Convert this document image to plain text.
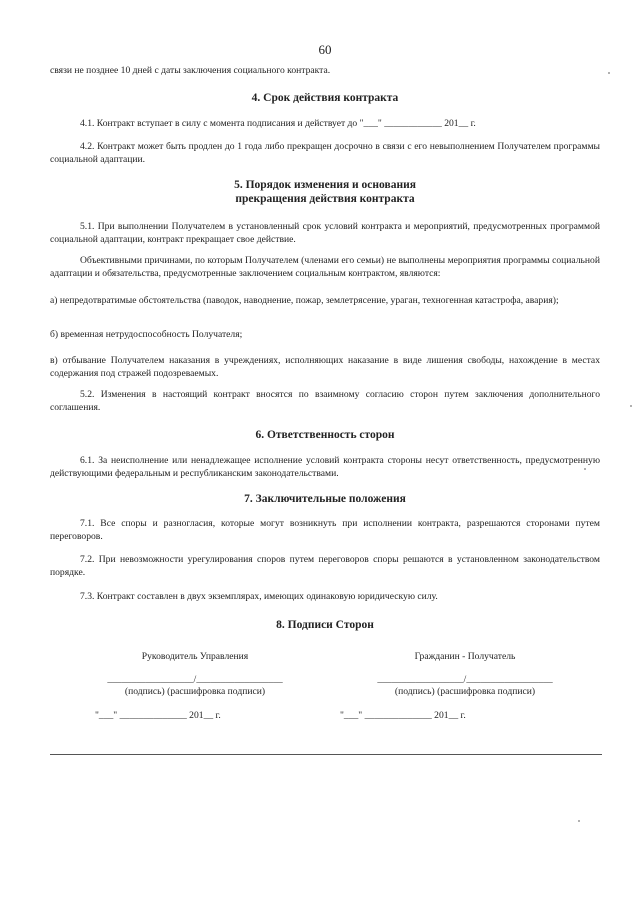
60

связи не позднее 10 дней с даты заключения социального контракта.

4. Срок действия контракта

4.1. Контракт вступает в силу с момента подписания и действует до "___" ____________ 201__ г.

4.2. Контракт может быть продлен до 1 года либо прекращен досрочно в связи с его невыполнением Получателем программы социальной адаптации.

5. Порядок изменения и основания

прекращения действия контракта

5.1. При выполнении Получателем в установленный срок условий контракта и мероприятий, предусмотренных программой социальной адаптации, контракт прекращает свое действие.

Объективными причинами, по которым Получателем (членами его семьи) не выполнены мероприятия программы социальной адаптации и обязательства, предусмотренные заключением социальным контрактом, являются:

а) непредотвратимые обстоятельства (паводок, наводнение, пожар, землетрясение, ураган, техногенная катастрофа, авария);

б) временная нетрудоспособность Получателя;

в) отбывание Получателем наказания в учреждениях, исполняющих наказание в виде лишения свободы, нахождение в местах содержания под стражей подозреваемых.

5.2. Изменения в настоящий контракт вносятся по взаимному согласию сторон путем заключения дополнительного соглашения.

6. Ответственность сторон

6.1. За неисполнение или ненадлежащее исполнение условий контракта стороны несут ответственность, предусмотренную действующими федеральным и республиканским законодательствами.

7. Заключительные положения

7.1. Все споры и разногласия, которые могут возникнуть при исполнении контракта, разрешаются сторонами путем переговоров.

7.2. При невозможности урегулирования споров путем переговоров споры решаются в установленном законодательством порядке.

7.3. Контракт составлен в двух экземплярах, имеющих одинаковую юридическую силу.

8. Подписи Сторон

Руководитель Управления	Гражданин - Получатель
__________________/__________________	__________________/__________________
(подпись) (расшифровка подписи)	(подпись) (расшифровка подписи)
"___" ______________ 201__ г.	"___" ______________ 201__ г.
